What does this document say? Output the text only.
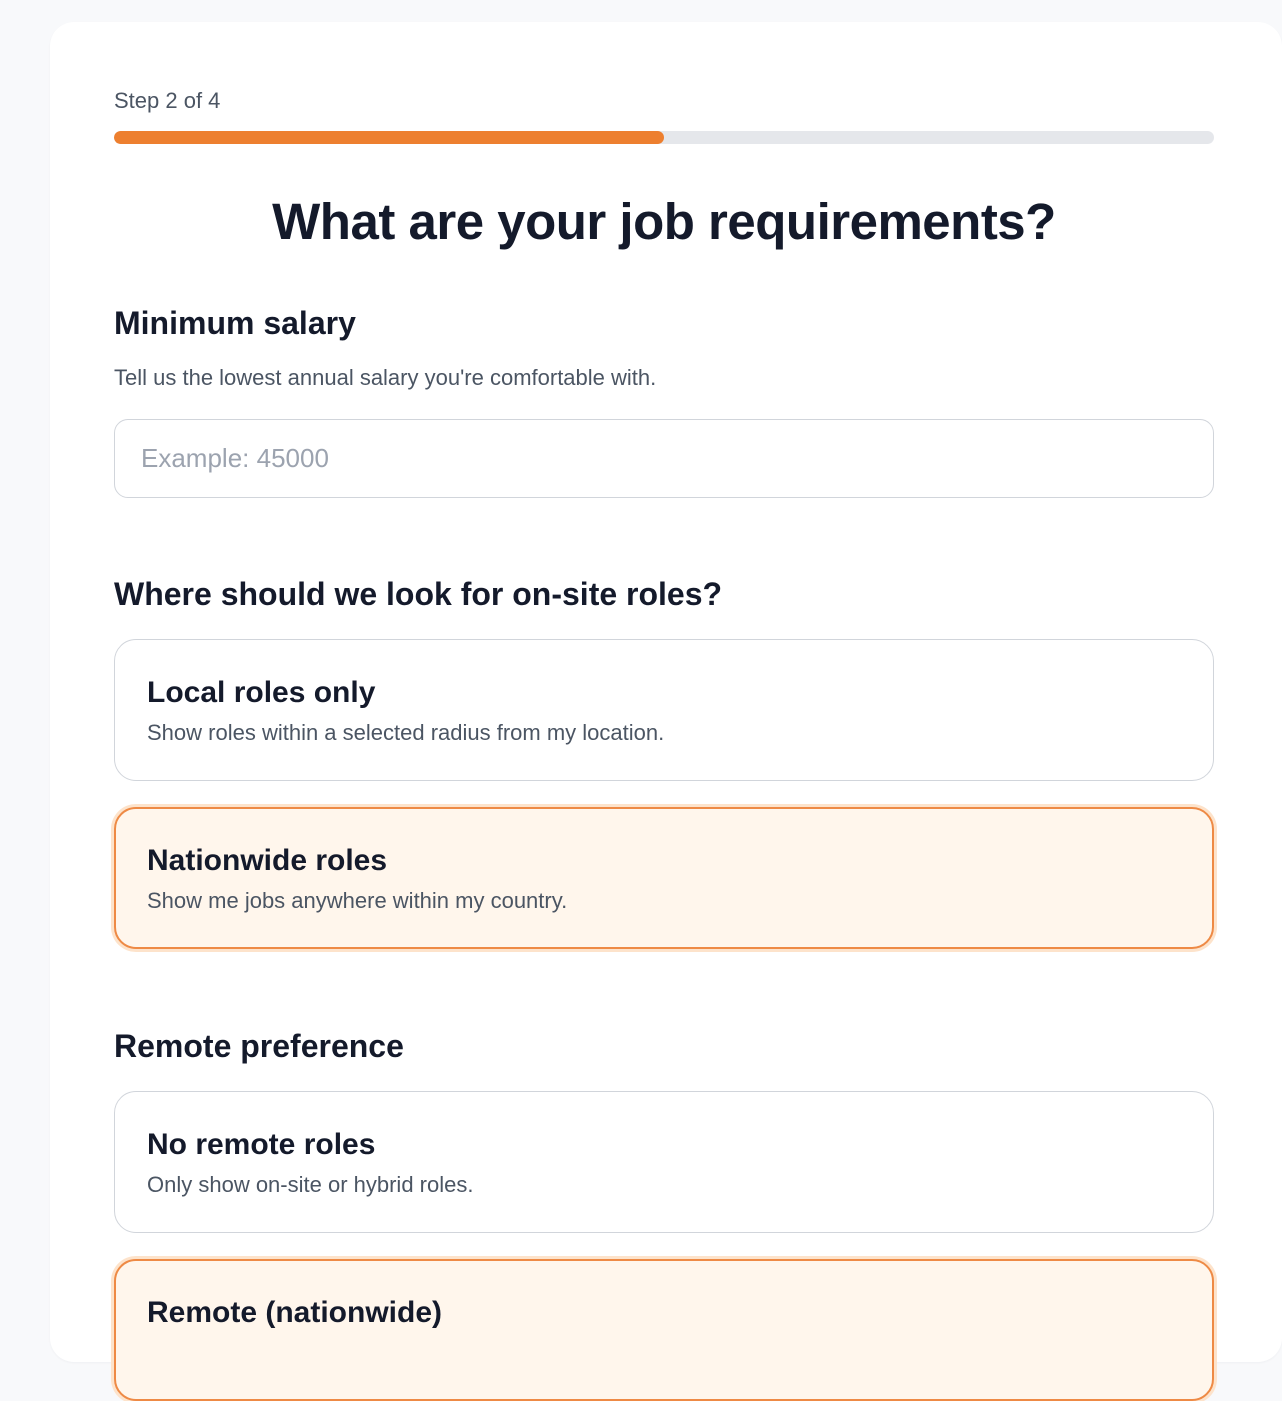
Step 2 of 4
What are your job requirements?
Minimum salary

Tell us the lowest annual salary you're comfortable with.

Example: 45000
Where should we look for on-site roles?
Local roles only
Show roles within a selected radius from my location.
Nationwide roles
Show me jobs anywhere within my country.
Remote preference
No remote roles
Only show on-site or hybrid roles.
Remote (nationwide)
